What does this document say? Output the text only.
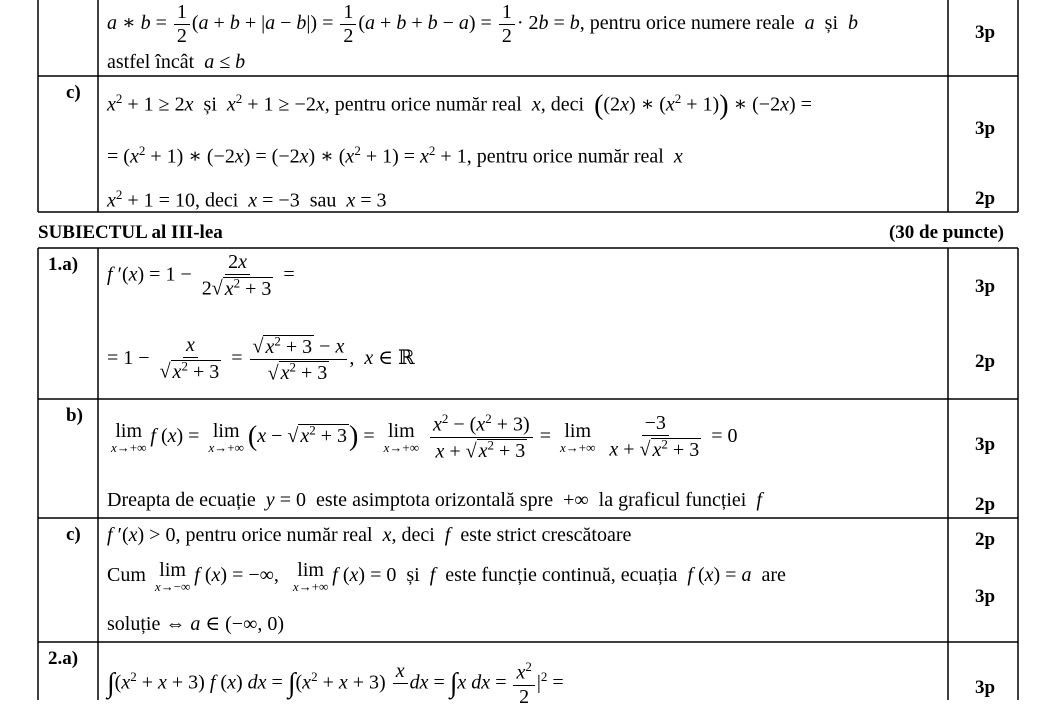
a ∗ $b = \frac{1}{2} (a + b + |a - b|) = \frac{1}{2} (a + b + b - a) = \frac{1}{2} \cdot 2b = b$, pentru orice numere reale a  și  b
astfel încât a ≤ b
3p
c)
$x^2 + 1 \ge 2x$  și  $x^2 + 1 \ge -2x$, pentru orice număr real x, deci ((2x) ∗ $(x^2 + 1)$) ∗ (−2x) =
= $(x^2 + 1)$ ∗ (−2x) = (−2x) ∗ $(x^2 + 1) = x^2 + 1$, pentru orice număr real x
$x^2 + 1 = 10$, deci x = −3  sau x = 3
3p
2p
SUBIECTUL al III-lea	(30 de puncte)
1.a) f $'(x) = 1 - \frac{2x}{2√ x^2 + 3}$ =
= $1 - \frac{x}{√ x^2 + 3} = \frac{√ x^2 + 3 - x}{√ x^2 + 3}$ ,  x ∈ ℝ
3p
2p
b)
lim
x→+∞
f (x) = lim
x→+∞ (x − √ $x^2 + 3) = \lim$
x→+∞
$\frac{x^2 - (x^2 + 3)}{x + √ x^2 + 3} = \lim$
x→+∞
$\frac{-3}{x + √ x^2 + 3} = 0$
Dreapta de ecuație y = 0  este asimptota orizontală spre  +∞  la graficul funcției f
3p
2p
c) f ′(x) > 0, pentru orice număr real x, deci f este strict crescătoare
Cum lim
x→−∞
f (x) = −∞, lim
x→+∞
f (x) = 0  și f este funcție continuă, ecuația f (x) = a are
soluție ⇔ a ∈ (−∞, 0)
2p
3p
2.a)
$\int(x^2 + x + 3)$ f (x) dx = $\int(x^2 + x + 3)$
x

dx = ∫x dx = $\frac{x^2}{2} |^2$ =	3p
